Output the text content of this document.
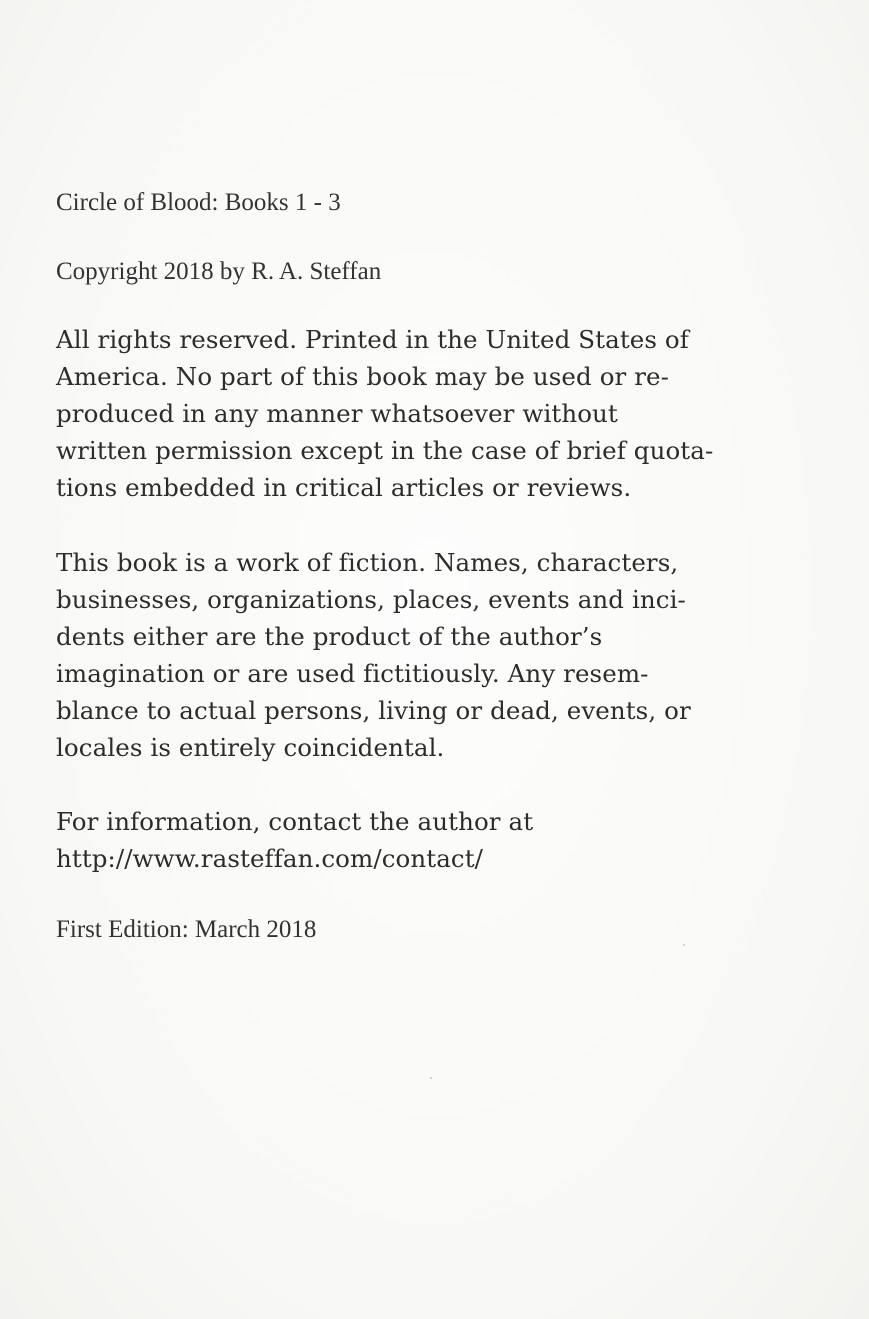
Circle of Blood: Books 1 - 3

Copyright 2018 by R. A. Steffan

All rights reserved. Printed in the United States of
America. No part of this book may be used or re-
produced in any manner whatsoever without
written permission except in the case of brief quota-
tions embedded in critical articles or reviews.

This book is a work of fiction. Names, characters,
businesses, organizations, places, events and inci-
dents either are the product of the author’s
imagination or are used fictitiously. Any resem-
blance to actual persons, living or dead, events, or
locales is entirely coincidental.

For information, contact the author at
http://www.rasteffan.com/contact/

First Edition: March 2018
